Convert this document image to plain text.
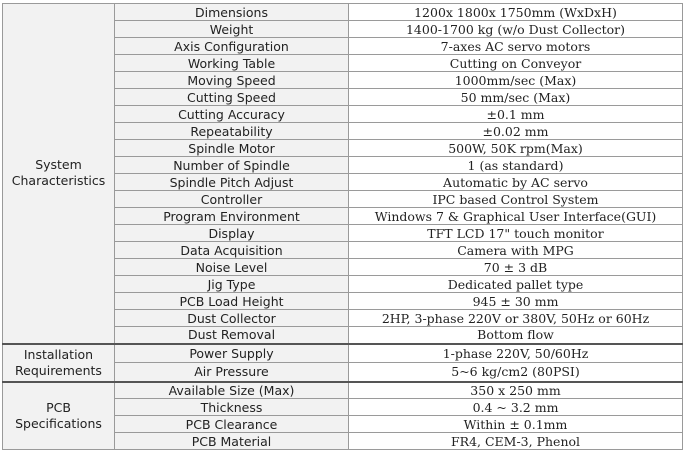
System
Characteristics	Dimensions	1200x 1800x 1750mm (WxDxH)
	Weight	1400-1700 kg (w/o Dust Collector)
	Axis Configuration	7-axes AC servo motors
	Working Table	Cutting on Conveyor
	Moving Speed	1000mm/sec (Max)
	Cutting Speed	50 mm/sec (Max)
	Cutting Accuracy	±0.1 mm
	Repeatability	±0.02 mm
	Spindle Motor	500W, 50K rpm(Max)
	Number of Spindle	1 (as standard)
	Spindle Pitch Adjust	Automatic by AC servo
	Controller	IPC based Control System
	Program Environment	Windows 7 & Graphical User Interface(GUI)
	Display	TFT LCD 17" touch monitor
	Data Acquisition	Camera with MPG
	Noise Level	70 ± 3 dB
	Jig Type	Dedicated pallet type
	PCB Load Height	945 ± 30 mm
	Dust Collector	2HP, 3-phase 220V or 380V, 50Hz or 60Hz
	Dust Removal	Bottom flow

Installation
Requirements	Power Supply	1-phase 220V, 50/60Hz
	Air Pressure	5~6 kg/cm2 (80PSI)

PCB
Specifications	Available Size (Max)	350 x 250 mm
	Thickness	0.4 ~ 3.2 mm
	PCB Clearance	Within ± 0.1mm
	PCB Material	FR4, CEM-3, Phenol
